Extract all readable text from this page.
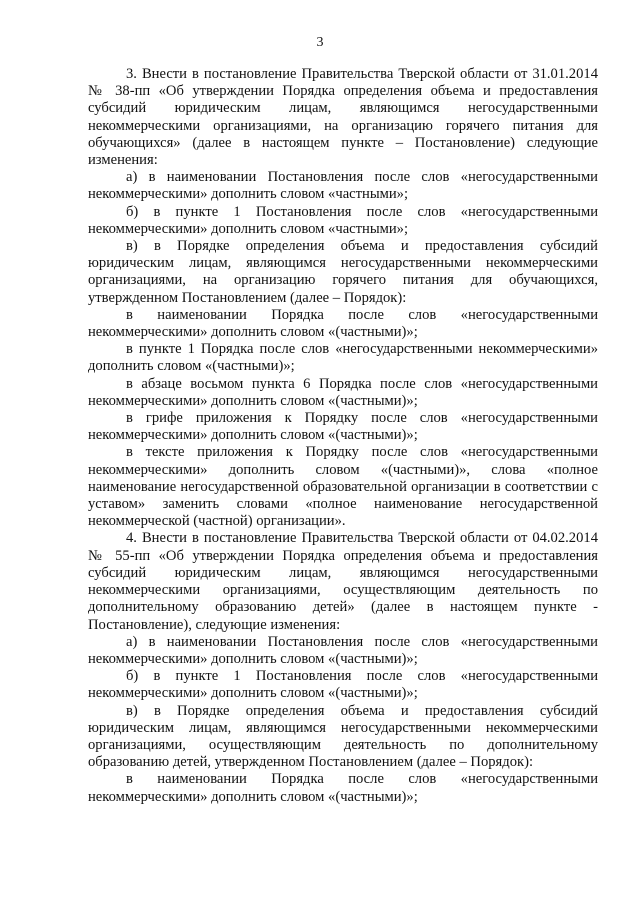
3

3. Внести в постановление Правительства Тверской области от 31.01.2014 № 38-пп «Об утверждении Порядка определения объема и предоставления субсидий юридическим лицам, являющимся негосударственными некоммерческими организациями, на организацию горячего питания для обучающихся» (далее в настоящем пункте – Постановление) следующие изменения:

а) в наименовании Постановления после слов «негосударственными некоммерческими» дополнить словом «частными»;

б) в пункте 1 Постановления после слов «негосударственными некоммерческими» дополнить словом «частными»;

в) в Порядке определения объема и предоставления субсидий юридическим лицам, являющимся негосударственными некоммерческими организациями, на организацию горячего питания для обучающихся, утвержденном Постановлением (далее – Порядок):

в наименовании Порядка после слов «негосударственными некоммерческими» дополнить словом «(частными)»;

в пункте 1 Порядка после слов «негосударственными некоммерческими» дополнить словом «(частными)»;

в абзаце восьмом пункта 6 Порядка после слов «негосударственными некоммерческими» дополнить словом «(частными)»;

в грифе приложения к Порядку после слов «негосударственными некоммерческими» дополнить словом «(частными)»;

в тексте приложения к Порядку после слов «негосударственными некоммерческими» дополнить словом «(частными)», слова «полное наименование негосударственной образовательной организации в соответствии с уставом» заменить словами «полное наименование негосударственной некоммерческой (частной) организации».

4. Внести в постановление Правительства Тверской области от 04.02.2014 № 55-пп «Об утверждении Порядка определения объема и предоставления субсидий юридическим лицам, являющимся негосударственными некоммерческими организациями, осуществляющим деятельность по дополнительному образованию детей» (далее в настоящем пункте - Постановление), следующие изменения:

а) в наименовании Постановления после слов «негосударственными некоммерческими» дополнить словом «(частными)»;

б) в пункте 1 Постановления после слов «негосударственными некоммерческими» дополнить словом «(частными)»;

в) в Порядке определения объема и предоставления субсидий юридическим лицам, являющимся негосударственными некоммерческими организациями, осуществляющим деятельность по дополнительному образованию детей, утвержденном Постановлением (далее – Порядок):

в наименовании Порядка после слов «негосударственными некоммерческими» дополнить словом «(частными)»;
